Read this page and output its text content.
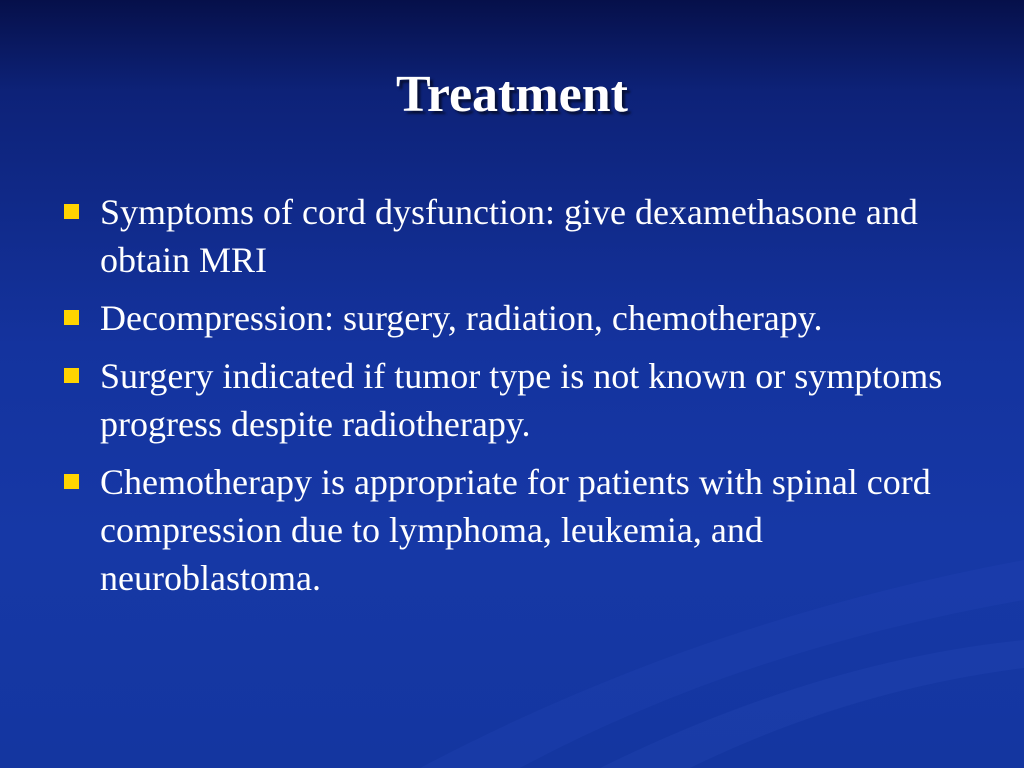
Treatment
Symptoms of cord dysfunction: give dexamethasone and obtain MRI
Decompression: surgery, radiation, chemotherapy.
Surgery indicated if tumor type is not known or symptoms progress despite radiotherapy.
Chemotherapy is appropriate for patients with spinal cord compression due to lymphoma, leukemia, and neuroblastoma.
